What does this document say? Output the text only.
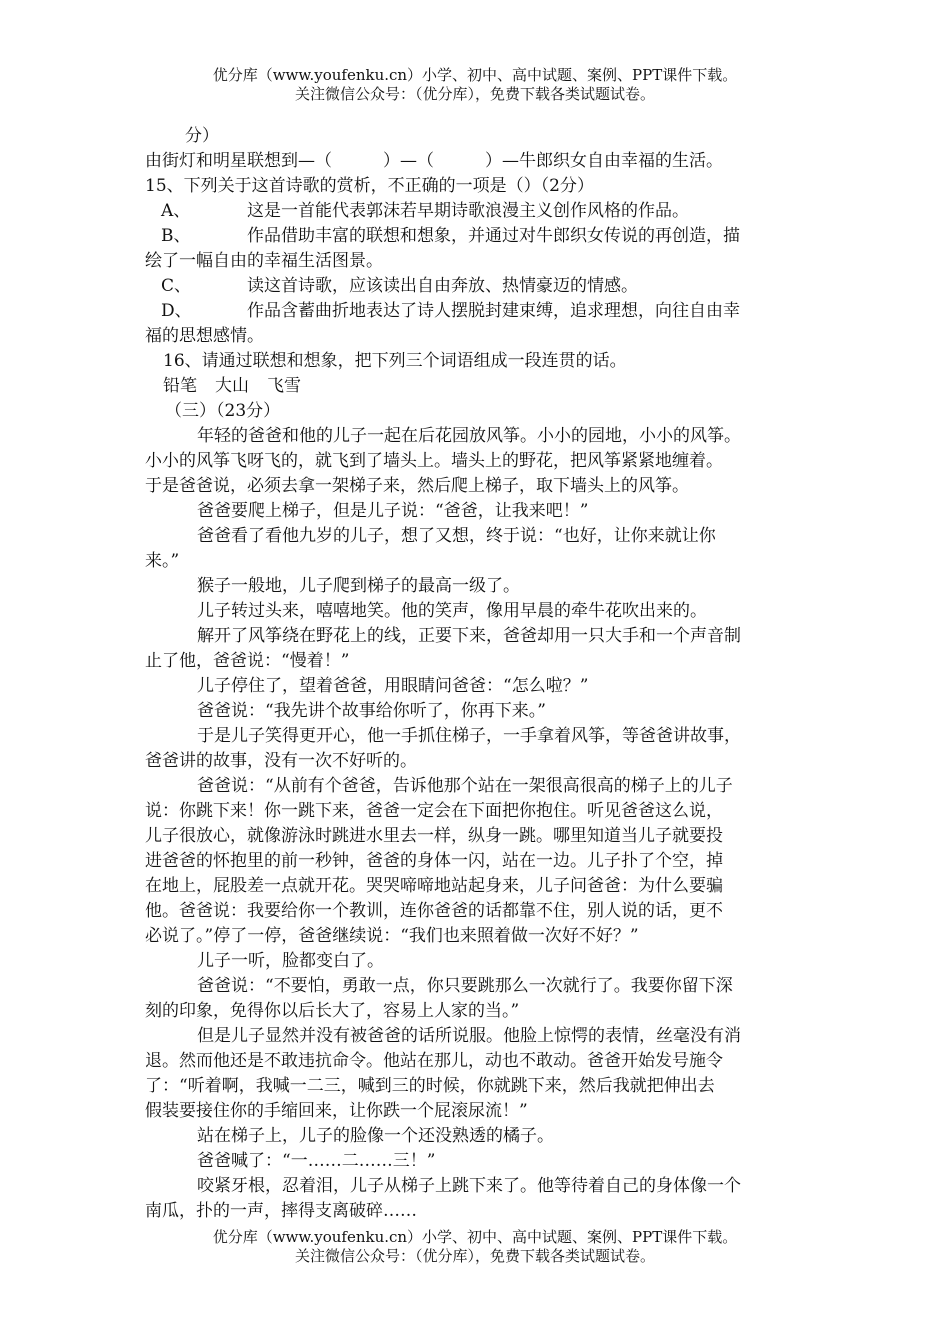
优分库（www.youfenku.cn）小学、初中、高中试题、案例、PPT课件下载。
关注微信公众号：（优分库），免费下载各类试题试卷。

分）

由街灯和明星联想到—（　　　）—（　　　）—牛郎织女自由幸福的生活。

15、下列关于这首诗歌的赏析，不正确的一项是（）（2分）

A、	这是一首能代表郭沫若早期诗歌浪漫主义创作风格的作品。
B、	作品借助丰富的联想和想象，并通过对牛郎织女传说的再创造，描

绘了一幅自由的幸福生活图景。

C、	读这首诗歌，应该读出自由奔放、热情豪迈的情感。
D、	作品含蓄曲折地表达了诗人摆脱封建束缚，追求理想，向往自由幸

福的思想感情。

16、请通过联想和想象，把下列三个词语组成一段连贯的话。

铅笔 大山 飞雪

（三）（23分）

年轻的爸爸和他的儿子一起在后花园放风筝。小小的园地，小小的风筝。

小小的风筝飞呀飞的，就飞到了墙头上。墙头上的野花，把风筝紧紧地缠着。

于是爸爸说，必须去拿一架梯子来，然后爬上梯子，取下墙头上的风筝。

爸爸要爬上梯子，但是儿子说：“爸爸，让我来吧！”

爸爸看了看他九岁的儿子，想了又想，终于说：“也好，让你来就让你

来。”

猴子一般地，儿子爬到梯子的最高一级了。

儿子转过头来，嘻嘻地笑。他的笑声，像用早晨的牵牛花吹出来的。

解开了风筝绕在野花上的线，正要下来，爸爸却用一只大手和一个声音制

止了他，爸爸说：“慢着！”

儿子停住了，望着爸爸，用眼睛问爸爸：“怎么啦？”

爸爸说：“我先讲个故事给你听了，你再下来。”

于是儿子笑得更开心，他一手抓住梯子，一手拿着风筝，等爸爸讲故事，

爸爸讲的故事，没有一次不好听的。

爸爸说：“从前有个爸爸，告诉他那个站在一架很高很高的梯子上的儿子

说：你跳下来！你一跳下来，爸爸一定会在下面把你抱住。听见爸爸这么说，

儿子很放心，就像游泳时跳进水里去一样，纵身一跳。哪里知道当儿子就要投

进爸爸的怀抱里的前一秒钟，爸爸的身体一闪，站在一边。儿子扑了个空，掉

在地上，屁股差一点就开花。哭哭啼啼地站起身来，儿子问爸爸：为什么要骗

他。爸爸说：我要给你一个教训，连你爸爸的话都靠不住，别人说的话，更不

必说了。”停了一停，爸爸继续说：“我们也来照着做一次好不好？”

儿子一听，脸都变白了。

爸爸说：“不要怕，勇敢一点，你只要跳那么一次就行了。我要你留下深

刻的印象，免得你以后长大了，容易上人家的当。”

但是儿子显然并没有被爸爸的话所说服。他脸上惊愕的表情，丝毫没有消

退。然而他还是不敢违抗命令。他站在那儿，动也不敢动。爸爸开始发号施令

了：“听着啊，我喊一二三，喊到三的时候，你就跳下来，然后我就把伸出去

假装要接住你的手缩回来，让你跌一个屁滚尿流！”

站在梯子上，儿子的脸像一个还没熟透的橘子。

爸爸喊了：“一……二……三！”

咬紧牙根，忍着泪，儿子从梯子上跳下来了。他等待着自己的身体像一个

南瓜，扑的一声，摔得支离破碎……

优分库（www.youfenku.cn）小学、初中、高中试题、案例、PPT课件下载。
关注微信公众号：（优分库），免费下载各类试题试卷。
